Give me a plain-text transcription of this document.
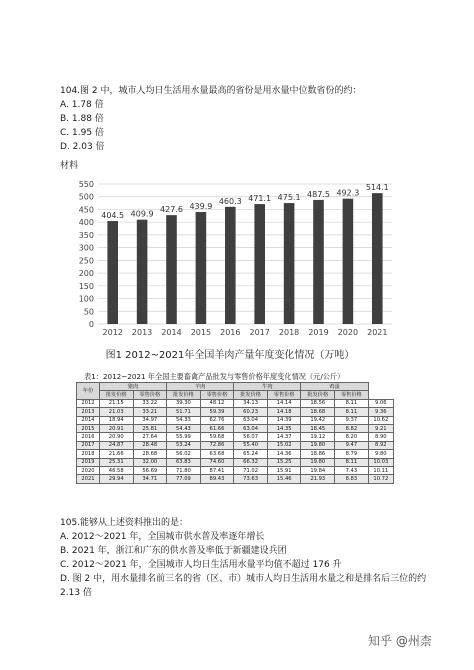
104.图 2 中，城市人均日生活用水量最高的省份是用水量中位数省份的约：
A. 1.78 倍
B. 1.88 倍
C. 1.95 倍
D. 2.03 倍
材料
0
50
100
150
200
250
300
350
400
450
500
550
404.5 409.9
427.6 439.9
460.3 471.1 475.1 487.5 492.3
514.1
2012 2013 2014 2015 2016 2017 2018 2019 2020 2021
图1 2012~2021年全国羊肉产量年度变化情况（万吨）
表1：2012~2021 年全国主要畜禽产品批发与零售价格年度变化情况（元/公斤）
年份	猪肉		羊肉		牛肉		鸡蛋		
	批发价格	零售价格	批发价格	零售价格	批发价格	零售价格	批发价格	零售价格	
2012	21.15	33.22	39.30	48.12	34.13	14.14	18.56	8.11	9.06
2013	21.03	33.21	51.71	59.39	60.23	14.18	18.68	8.11	9.36
2014	18.94	34.97	54.33	62.76	63.04	14.39	19.42	9.37	10.62
2015	20.91	25.81	54.43	61.66	63.04	14.35	18.45	8.82	9.21
2016	20.90	27.64	55.99	59.68	56.07	14.37	19.12	8.20	8.90
2017	24.87	28.48	53.24	72.86	55.40	15.02	19.80	9.47	8.92
2018	21.66	28.68	56.02	63.68	65.24	14.36	18.86	8.79	9.80
2019	25.31	32.00	63.83	74.60	66.32	15.25	19.80	8.11	10.03
2020	46.58	56.69	71.80	87.41	71.02	15.91	19.84	7.43	10.11
2021	29.94	34.71	77.09	89.43	73.63	15.46	21.93	8.83	10.72
105.能够从上述资料推出的是：
A. 2012～2021 年，全国城市供水普及率逐年增长
B. 2021 年，浙江和广东的供水普及率低于新疆建设兵团
C. 2012～2021 年，全国城市人均日生活用水量平均值不超过 176 升
D. 图 2 中，用水量排名前三名的省（区、市）城市人均日生活用水量之和是排名后三位的约 2.13 倍
知乎 @州柰
